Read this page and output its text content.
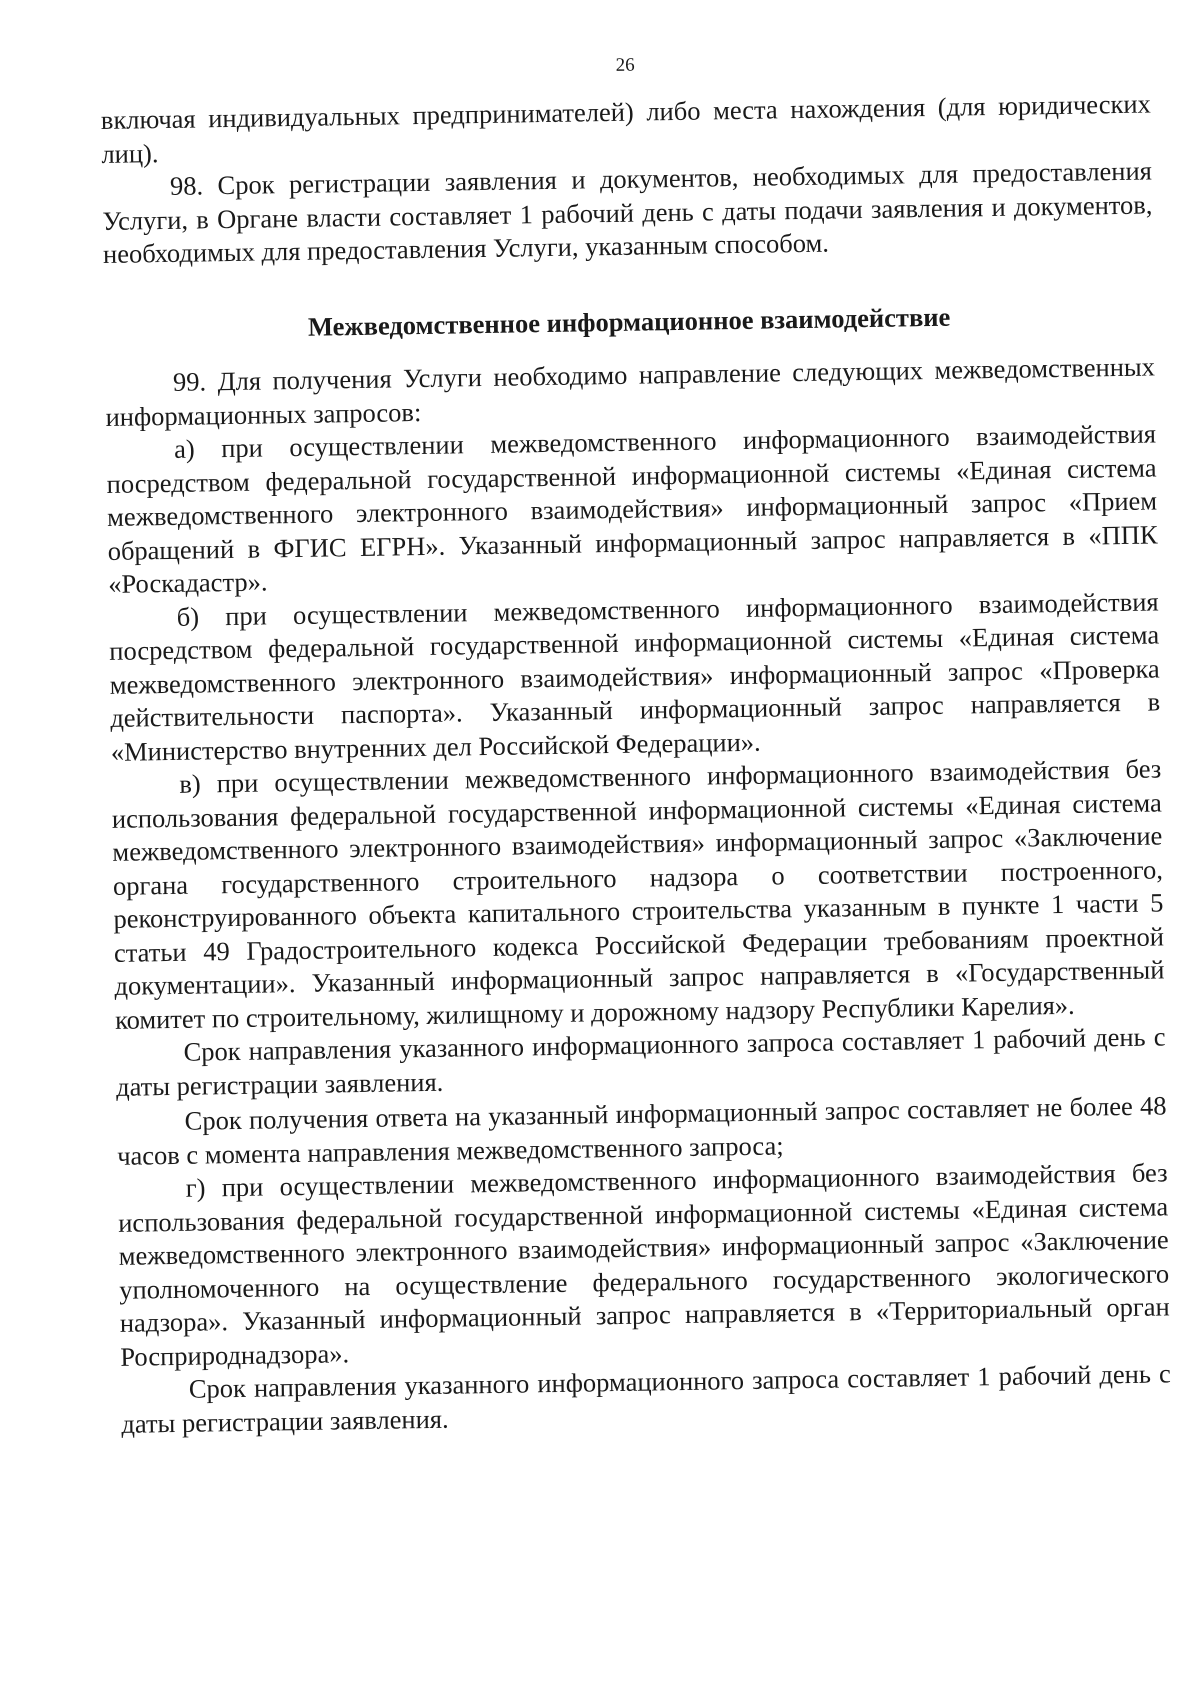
26

включая индивидуальных предпринимателей) либо места нахождения (для юридических лиц).

98. Срок регистрации заявления и документов, необходимых для предоставления Услуги, в Органе власти составляет 1 рабочий день с даты подачи заявления и документов, необходимых для предоставления Услуги, указанным способом.

Межведомственное информационное взаимодействие

99. Для получения Услуги необходимо направление следующих межведомственных информационных запросов:

а) при осуществлении межведомственного информационного взаимодействия посредством федеральной государственной информационной системы «Единая система межведомственного электронного взаимодействия» информационный запрос «Прием обращений в ФГИС ЕГРН». Указанный информационный запрос направляется в «ППК «Роскадастр».

б) при осуществлении межведомственного информационного взаимодействия посредством федеральной государственной информационной системы «Единая система межведомственного электронного взаимодействия» информационный запрос «Проверка действительности паспорта». Указанный информационный запрос направляется в «Министерство внутренних дел Российской Федерации».

в) при осуществлении межведомственного информационного взаимодействия без использования федеральной государственной информационной системы «Единая система межведомственного электронного взаимодействия» информационный запрос «Заключение органа государственного строительного надзора о соответствии построенного, реконструированного объекта капитального строительства указанным в пункте 1 части 5 статьи 49 Градостроительного кодекса Российской Федерации требованиям проектной документации». Указанный информационный запрос направляется в «Государственный комитет по строительному, жилищному и дорожному надзору Республики Карелия».

Срок направления указанного информационного запроса составляет 1 рабочий день с даты регистрации заявления.

Срок получения ответа на указанный информационный запрос составляет не более 48 часов с момента направления межведомственного запроса;

г) при осуществлении межведомственного информационного взаимодействия без использования федеральной государственной информационной системы «Единая система межведомственного электронного взаимодействия» информационный запрос «Заключение уполномоченного на осуществление федерального государственного экологического надзора». Указанный информационный запрос направляется в «Территориальный орган Росприроднадзора».

Срок направления указанного информационного запроса составляет 1 рабочий день с даты регистрации заявления.
